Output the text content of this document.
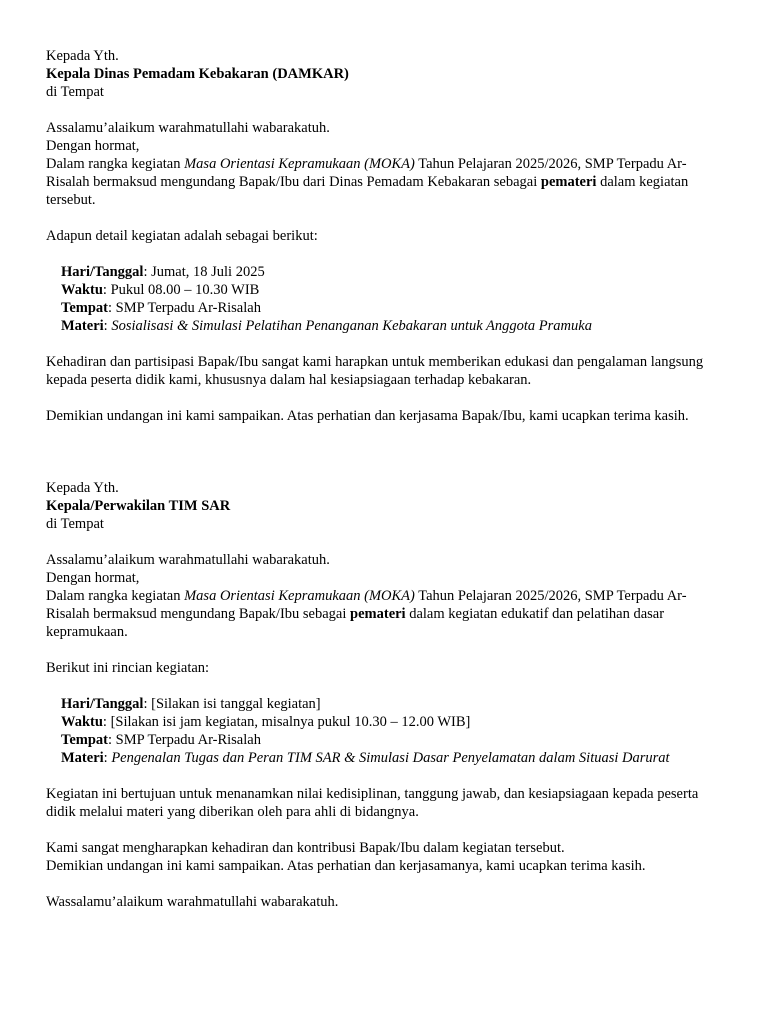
Kepada Yth.

Kepala Dinas Pemadam Kebakaran (DAMKAR)

di Tempat

Assalamu’alaikum warahmatullahi wabarakatuh.

Dengan hormat,

Dalam rangka kegiatan Masa Orientasi Kepramukaan (MOKA) Tahun Pelajaran 2025/2026, SMP Terpadu Ar-Risalah bermaksud mengundang Bapak/Ibu dari Dinas Pemadam Kebakaran sebagai pemateri dalam kegiatan tersebut.

Adapun detail kegiatan adalah sebagai berikut:

Hari/Tanggal: Jumat, 18 Juli 2025

Waktu: Pukul 08.00 – 10.30 WIB

Tempat: SMP Terpadu Ar-Risalah

Materi: Sosialisasi & Simulasi Pelatihan Penanganan Kebakaran untuk Anggota Pramuka

Kehadiran dan partisipasi Bapak/Ibu sangat kami harapkan untuk memberikan edukasi dan pengalaman langsung kepada peserta didik kami, khususnya dalam hal kesiapsiagaan terhadap kebakaran.

Demikian undangan ini kami sampaikan. Atas perhatian dan kerjasama Bapak/Ibu, kami ucapkan terima kasih.

Kepada Yth.

Kepala/Perwakilan TIM SAR

di Tempat

Assalamu’alaikum warahmatullahi wabarakatuh.

Dengan hormat,

Dalam rangka kegiatan Masa Orientasi Kepramukaan (MOKA) Tahun Pelajaran 2025/2026, SMP Terpadu Ar-Risalah bermaksud mengundang Bapak/Ibu sebagai pemateri dalam kegiatan edukatif dan pelatihan dasar kepramukaan.

Berikut ini rincian kegiatan:

Hari/Tanggal: [Silakan isi tanggal kegiatan]

Waktu: [Silakan isi jam kegiatan, misalnya pukul 10.30 – 12.00 WIB]

Tempat: SMP Terpadu Ar-Risalah

Materi: Pengenalan Tugas dan Peran TIM SAR & Simulasi Dasar Penyelamatan dalam Situasi Darurat

Kegiatan ini bertujuan untuk menanamkan nilai kedisiplinan, tanggung jawab, dan kesiapsiagaan kepada peserta didik melalui materi yang diberikan oleh para ahli di bidangnya.

Kami sangat mengharapkan kehadiran dan kontribusi Bapak/Ibu dalam kegiatan tersebut.

Demikian undangan ini kami sampaikan. Atas perhatian dan kerjasamanya, kami ucapkan terima kasih.

Wassalamu’alaikum warahmatullahi wabarakatuh.
